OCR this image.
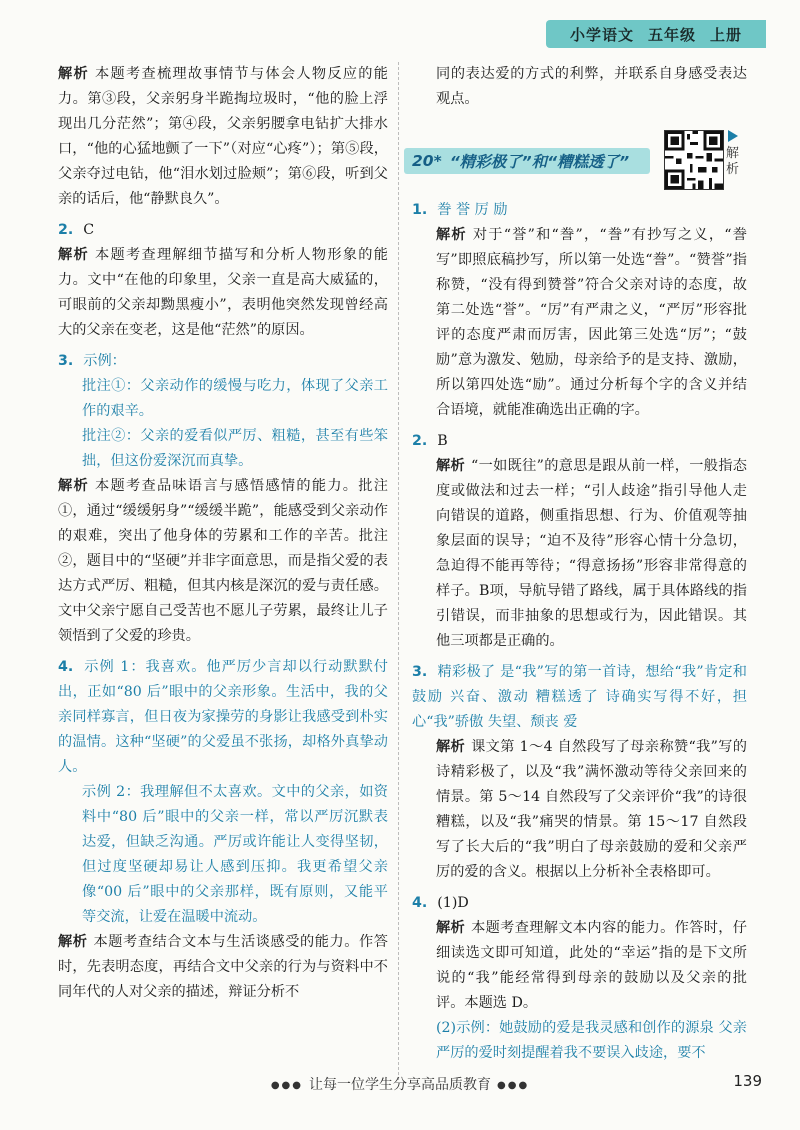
小学语文 五年级 上册

解析 本题考查梳理故事情节与体会人物反应的能力。第③段，父亲躬身半跪掏垃圾时，“他的脸上浮现出几分茫然”；第④段，父亲躬腰拿电钻扩大排水口，“他的心猛地颤了一下”（对应“心疼”）；第⑤段，父亲夺过电钻，他“泪水划过脸颊”；第⑥段，听到父亲的话后，他“静默良久”。

2. C

解析 本题考查理解细节描写和分析人物形象的能力。文中“在他的印象里，父亲一直是高大威猛的，可眼前的父亲却黝黑瘦小”，表明他突然发现曾经高大的父亲在变老，这是他“茫然”的原因。

3. 示例：

批注①：父亲动作的缓慢与吃力，体现了父亲工作的艰辛。

批注②：父亲的爱看似严厉、粗糙，甚至有些笨拙，但这份爱深沉而真挚。

解析 本题考查品味语言与感悟感情的能力。批注①，通过“缓缓躬身”“缓缓半跪”，能感受到父亲动作的艰难，突出了他身体的劳累和工作的辛苦。批注②，题目中的“坚硬”并非字面意思，而是指父爱的表达方式严厉、粗糙，但其内核是深沉的爱与责任感。文中父亲宁愿自己受苦也不愿儿子劳累，最终让儿子领悟到了父爱的珍贵。

4. 示例 1：我喜欢。他严厉少言却以行动默默付出，正如“80 后”眼中的父亲形象。生活中，我的父亲同样寡言，但日夜为家操劳的身影让我感受到朴实的温情。这种“坚硬”的父爱虽不张扬，却格外真挚动人。

示例 2：我理解但不太喜欢。文中的父亲，如资料中“80 后”眼中的父亲一样，常以严厉沉默表达爱，但缺乏沟通。严厉或许能让人变得坚韧，但过度坚硬却易让人感到压抑。我更希望父亲像“00 后”眼中的父亲那样，既有原则，又能平等交流，让爱在温暖中流动。

解析 本题考查结合文本与生活谈感受的能力。作答时，先表明态度，再结合文中父亲的行为与资料中不同年代的人对父亲的描述，辩证分析不

同的表达爱的方式的利弊，并联系自身感受表达观点。

20* “精彩极了”和“糟糕透了”	解析

1. 誊 誉 厉 励

解析 对于“誉”和“誊”，“誊”有抄写之义，“誊写”即照底稿抄写，所以第一处选“誊”。“赞誉”指称赞，“没有得到赞誉”符合父亲对诗的态度，故第二处选“誉”。“厉”有严肃之义，“严厉”形容批评的态度严肃而厉害，因此第三处选“厉”；“鼓励”意为激发、勉励，母亲给予的是支持、激励，所以第四处选“励”。通过分析每个字的含义并结合语境，就能准确选出正确的字。

2. B

解析 “一如既往”的意思是跟从前一样，一般指态度或做法和过去一样；“引人歧途”指引导他人走向错误的道路，侧重指思想、行为、价值观等抽象层面的误导；“迫不及待”形容心情十分急切，急迫得不能再等待；“得意扬扬”形容非常得意的样子。B项，导航导错了路线，属于具体路线的指引错误，而非抽象的思想或行为，因此错误。其他三项都是正确的。

3. 精彩极了 是“我”写的第一首诗，想给“我”肯定和鼓励 兴奋、激动 糟糕透了 诗确实写得不好，担心“我”骄傲 失望、颓丧 爱

解析 课文第 1～4 自然段写了母亲称赞“我”写的诗精彩极了，以及“我”满怀激动等待父亲回来的情景。第 5～14 自然段写了父亲评价“我”的诗很糟糕，以及“我”痛哭的情景。第 15～17 自然段写了长大后的“我”明白了母亲鼓励的爱和父亲严厉的爱的含义。根据以上分析补全表格即可。

4. (1)D

解析 本题考查理解文本内容的能力。作答时，仔细读选文即可知道，此处的“幸运”指的是下文所说的“我”能经常得到母亲的鼓励以及父亲的批评。本题选 D。

(2)示例：她鼓励的爱是我灵感和创作的源泉 父亲严厉的爱时刻提醒着我不要误入歧途，要不

●●● 让每一位学生分享高品质教育 ●●●	139
